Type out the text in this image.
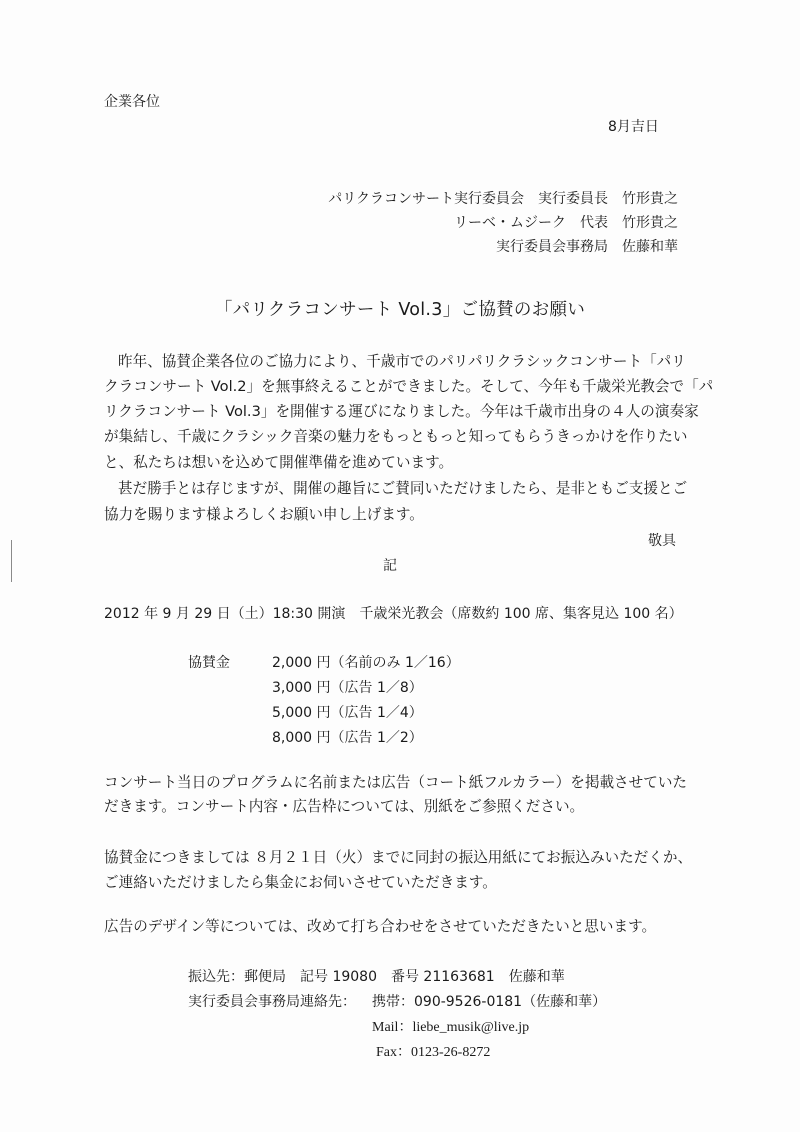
企業各位
8月吉日
パリクラコンサート実行委員会　実行委員長　竹形貴之
リーベ・ムジーク　代表　竹形貴之
実行委員会事務局　佐藤和華
「パリクラコンサート Vol.3」ご協賛のお願い
昨年、協賛企業各位のご協力により、千歳市でのパリパリクラシックコンサート「パリ
クラコンサート Vol.2」を無事終えることができました。そして、今年も千歳栄光教会で「パ
リクラコンサート Vol.3」を開催する運びになりました。今年は千歳市出身の４人の演奏家
が集結し、千歳にクラシック音楽の魅力をもっともっと知ってもらうきっかけを作りたい
と、私たちは想いを込めて開催準備を進めています。
甚だ勝手とは存じますが、開催の趣旨にご賛同いただけましたら、是非ともご支援とご
協力を賜ります様よろしくお願い申し上げます。
敬具
記
2012 年 9 月 29 日（土）18:30 開演　千歳栄光教会（席数約 100 席、集客見込 100 名）
協賛金	2,000 円（名前のみ 1／16）
3,000 円（広告 1／8）
5,000 円（広告 1／4）
8,000 円（広告 1／2）
コンサート当日のプログラムに名前または広告（コート紙フルカラー）を掲載させていた
だきます。コンサート内容・広告枠については、別紙をご参照ください。
協賛金につきましては ８月２１日（火）までに同封の振込用紙にてお振込みいただくか、
ご連絡いただけましたら集金にお伺いさせていただきます。
広告のデザイン等については、改めて打ち合わせをさせていただきたいと思います。
振込先：郵便局　記号 19080　番号 21163681　佐藤和華
実行委員会事務局連絡先： 携帯：090-9526-0181（佐藤和華）
Mail：liebe_musik@live.jp
Fax：0123-26-8272
